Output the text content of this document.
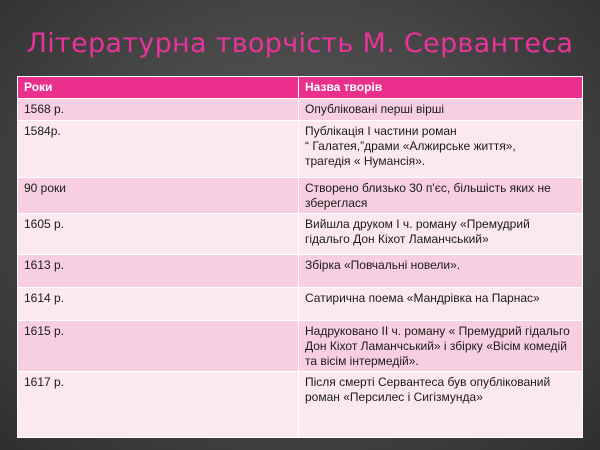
Літературна творчість М. Сервантеса
Роки	Назва творів
1568 р.	Опубліковані перші вірші
1584р.	Публікація І частини роман
“ Галатея,”драми «Алжирське життя»,
трагедія « Нумансія».
90 роки	Створено близько 30 п'єс, більшість яких не збереглася
1605 р.	Вийшла друком І ч. роману «Премудрий гідальго Дон Кіхот Ламанчський»
1613 р.	Збірка «Повчальні новели».
1614 р.	Сатирична поема «Мандрівка на Парнас»
1615 р.	Надруковано ІІ ч. роману « Премудрий гідальго Дон Кіхот Ламанчський» і збірку «Вісім комедій та вісім інтермедій».
1617 р.	Після смерті Сервантеса був опублікований роман «Персилес і Сигізмунда»
